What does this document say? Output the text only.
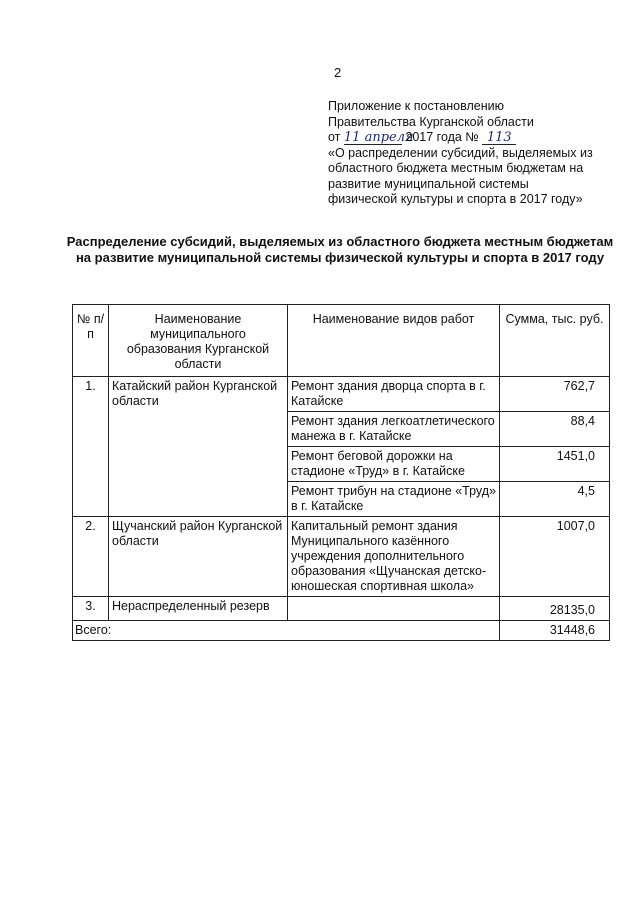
2
Приложение к постановлению
Правительства Курганской области
от 11 апреля 2017 года № 113
«О распределении субсидий, выделяемых из
областного бюджета местным бюджетам на
развитие муниципальной системы
физической культуры и спорта в 2017 году»
Распределение субсидий, выделяемых из областного бюджета местным бюджетам на развитие муниципальной системы физической культуры и спорта в 2017 году
№ п/п	Наименование муниципального образования Курганской области	Наименование видов работ	Сумма, тыс. руб.
1.	Катайский район Курганской области	Ремонт здания дворца спорта в г. Катайске	762,7
		Ремонт здания легкоатлетического манежа в г. Катайске	88,4
		Ремонт беговой дорожки на стадионе «Труд» в г. Катайске	1451,0
		Ремонт трибун на стадионе «Труд» в г. Катайске	4,5
2.	Щучанский район Курганской области	Капитальный ремонт здания Муниципального казённого учреждения дополнительного образования «Щучанская детско-юношеская спортивная школа»	1007,0
3.	Нераспределенный резерв		28135,0
Всего:			31448,6
